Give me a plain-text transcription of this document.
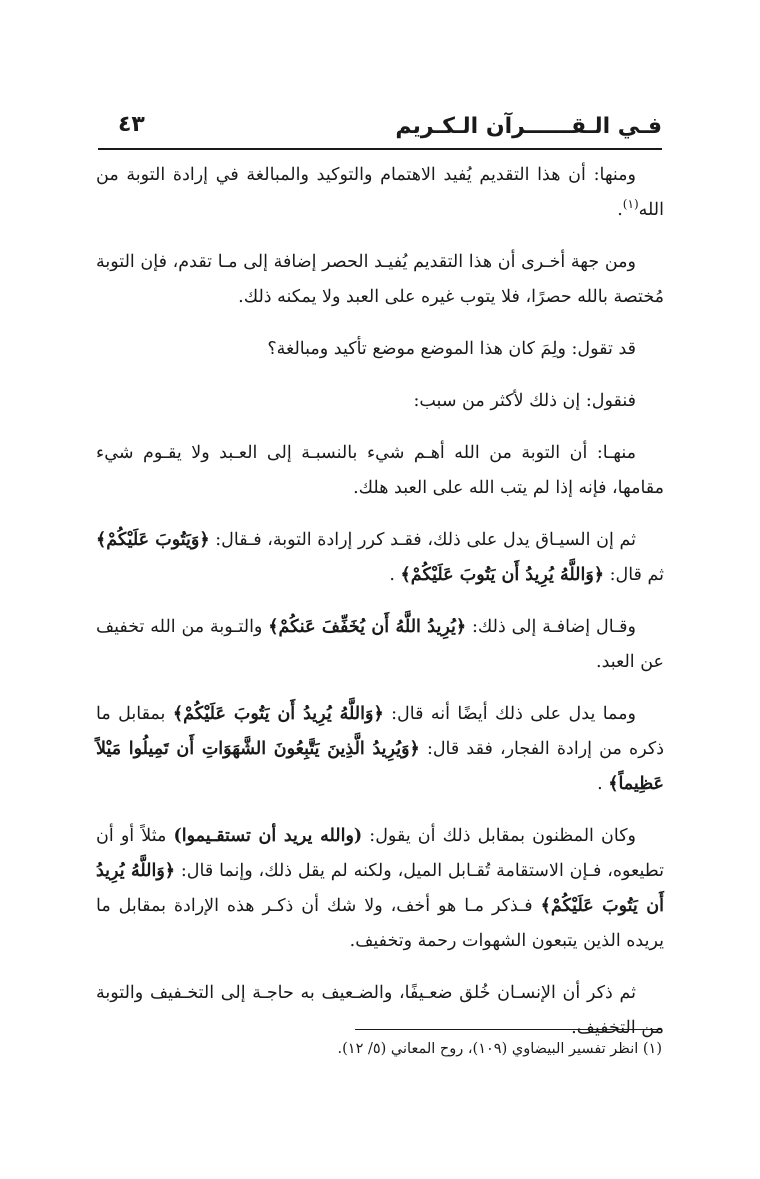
فـي الـقــــــرآن الـكـريم
٤٣

ومنها: أن هذا التقديم يُفيد الاهتمام والتوكيد والمبالغة في إرادة التوبة من الله$^{(١)}$.

ومن جهة أخـرى أن هذا التقديم يُفيـد الحصر إضافة إلى مـا تقدم، فإن التوبة مُختصة بالله حصرًا، فلا يتوب غيره على العبد ولا يمكنه ذلك.

قد تقول: ولِمَ كان هذا الموضع موضع تأكيد ومبالغة؟

فنقول: إن ذلك لأكثر من سبب:

منهـا: أن التوبة من الله أهـم شيء بالنسبـة إلى العـبد ولا يقـوم شيء مقامها، فإنه إذا لم يتب الله على العبد هلك.

ثم إن السيـاق يدل على ذلك، فقـد كرر إرادة التوبة، فـقال: ﴿وَيَتُوبَ عَلَيْكُمْ﴾ ثم قال: ﴿وَاللَّهُ يُرِيدُ أَن يَتُوبَ عَلَيْكُمْ﴾ .

وقـال إضافـة إلى ذلك: ﴿يُرِيدُ اللَّهُ أَن يُخَفِّفَ عَنكُمْ﴾ والتـوبة من الله تخفيف عن العبد.

ومما يدل على ذلك أيضًا أنه قال: ﴿وَاللَّهُ يُرِيدُ أَن يَتُوبَ عَلَيْكُمْ﴾ بمقابل ما ذكره من إرادة الفجار، فقد قال: ﴿وَيُرِيدُ الَّذِينَ يَتَّبِعُونَ الشَّهَوَاتِ أَن تَمِيلُوا مَيْلاً عَظِيماً﴾ .

وكان المظنون بمقابل ذلك أن يقول: (والله يريد أن تستقـيموا) مثلاً أو أن تطيعوه، فـإن الاستقامة تُقـابل الميل، ولكنه لم يقل ذلك، وإنما قال: ﴿وَاللَّهُ يُرِيدُ أَن يَتُوبَ عَلَيْكُمْ﴾ فـذكر مـا هو أخف، ولا شك أن ذكـر هذه الإرادة بمقابل ما يريده الذين يتبعون الشهوات رحمة وتخفيف.

ثم ذكر أن الإنسـان خُلق ضعـيفًا، والضـعيف به حاجـة إلى التخـفيف والتوبة من التخفيف.

(١) انظر تفسير البيضاوي (١٠٩)، روح المعاني (٥/ ١٢).
